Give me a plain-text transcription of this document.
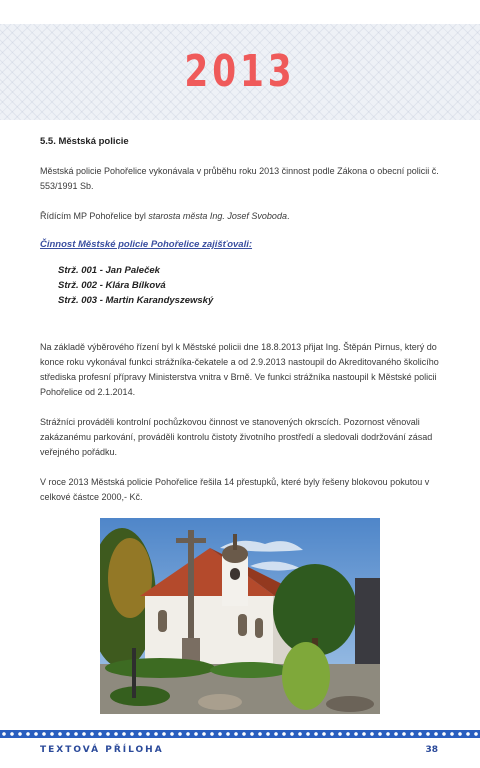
2013
5.5. Městská policie
Městská policie Pohořelice vykonávala v průběhu roku 2013 činnost podle Zákona o obecní policii č. 553/1991 Sb.
Řídícím MP Pohořelice byl starosta města Ing. Josef Svoboda.
Činnost Městské policie Pohořelice zajišťovali:
Strž. 001 - Jan Paleček
Strž. 002 - Klára Bílková
Strž. 003 - Martin Karandyszewský
Na základě výběrového řízení byl k Městské policii dne 18.8.2013 přijat Ing. Štěpán Pirnus, který do konce roku vykonával funkci strážníka-čekatele a od 2.9.2013 nastoupil do Akreditovaného školicího střediska profesní přípravy Ministerstva vnitra v Brně. Ve funkci strážníka nastoupil k Městské policii Pohořelice od 2.1.2014.
Strážníci prováděli kontrolní pochůzkovou činnost ve stanovených okrscích. Pozornost věnovali zakázanému parkování, prováděli kontrolu čistoty životního prostředí a sledovali dodržování zásad veřejného pořádku.
V roce 2013 Městská policie Pohořelice řešila 14 přestupků, které byly řešeny blokovou pokutou v celkové částce 2000,- Kč.
TEXTOVÁ PŘÍLOHA	38
